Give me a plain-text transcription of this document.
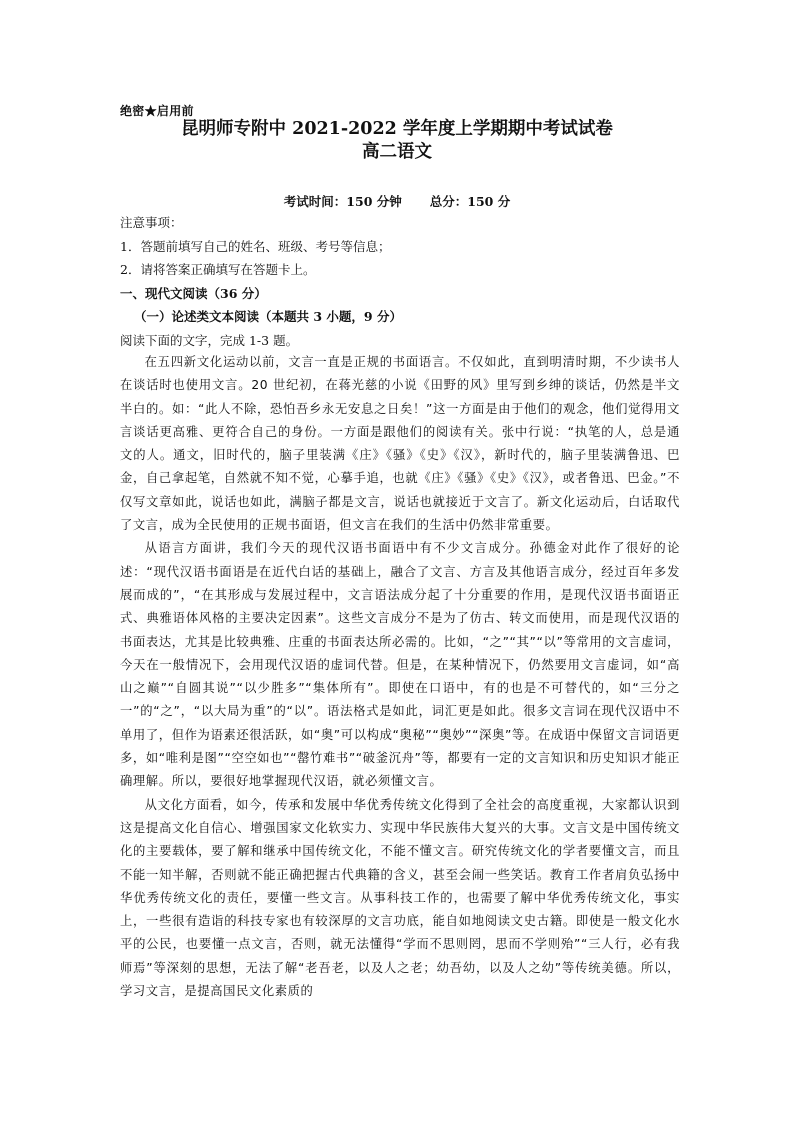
绝密★启用前
昆明师专附中 2021-2022 学年度上学期期中考试试卷
高二语文
考试时间：150 分钟 总分：150 分
注意事项：
1．答题前填写自己的姓名、班级、考号等信息；
2．请将答案正确填写在答题卡上。
一、现代文阅读（36 分）
（一）论述类文本阅读（本题共 3 小题，9 分）
阅读下面的文字，完成 1-3 题。

在五四新文化运动以前，文言一直是正规的书面语言。不仅如此，直到明清时期，不少读书人在谈话时也使用文言。20 世纪初，在蒋光慈的小说《田野的风》里写到乡绅的谈话，仍然是半文半白的。如：“此人不除，恐怕吾乡永无安息之日矣！”这一方面是由于他们的观念，他们觉得用文言谈话更高雅、更符合自己的身份。一方面是跟他们的阅读有关。张中行说：“执笔的人，总是通文的人。通文，旧时代的，脑子里装满《庄》《骚》《史》《汉》，新时代的，脑子里装满鲁迅、巴金，自己拿起笔，自然就不知不觉，心摹手追，也就《庄》《骚》《史》《汉》，或者鲁迅、巴金。”不仅写文章如此，说话也如此，满脑子都是文言，说话也就接近于文言了。新文化运动后，白话取代了文言，成为全民使用的正规书面语，但文言在我们的生活中仍然非常重要。

从语言方面讲，我们今天的现代汉语书面语中有不少文言成分。孙德金对此作了很好的论述：“现代汉语书面语是在近代白话的基础上，融合了文言、方言及其他语言成分，经过百年多发展而成的”，“在其形成与发展过程中，文言语法成分起了十分重要的作用，是现代汉语书面语正式、典雅语体风格的主要决定因素”。这些文言成分不是为了仿古、转文而使用，而是现代汉语的书面表达，尤其是比较典雅、庄重的书面表达所必需的。比如，“之”“其”“以”等常用的文言虚词，今天在一般情况下，会用现代汉语的虚词代替。但是，在某种情况下，仍然要用文言虚词，如“高山之巅”“自圆其说”“以少胜多”“集体所有”。即使在口语中，有的也是不可替代的，如“三分之一”的“之”，“以大局为重”的“以”。语法格式是如此，词汇更是如此。很多文言词在现代汉语中不单用了，但作为语素还很活跃，如“奥”可以构成“奥秘”“奥妙”“深奥”等。在成语中保留文言词语更多，如“唯利是图”“空空如也”“罄竹难书”“破釜沉舟”等，都要有一定的文言知识和历史知识才能正确理解。所以，要很好地掌握现代汉语，就必须懂文言。

从文化方面看，如今，传承和发展中华优秀传统文化得到了全社会的高度重视，大家都认识到这是提高文化自信心、增强国家文化软实力、实现中华民族伟大复兴的大事。文言文是中国传统文化的主要载体，要了解和继承中国传统文化，不能不懂文言。研究传统文化的学者要懂文言，而且不能一知半解，否则就不能正确把握古代典籍的含义，甚至会闹一些笑话。教育工作者肩负弘扬中华优秀传统文化的责任，要懂一些文言。从事科技工作的，也需要了解中华优秀传统文化，事实上，一些很有造诣的科技专家也有较深厚的文言功底，能自如地阅读文史古籍。即使是一般文化水平的公民，也要懂一点文言，否则，就无法懂得“学而不思则罔，思而不学则殆”“三人行，必有我师焉”等深刻的思想，无法了解“老吾老，以及人之老；幼吾幼，以及人之幼”等传统美德。所以，学习文言，是提高国民文化素质的
